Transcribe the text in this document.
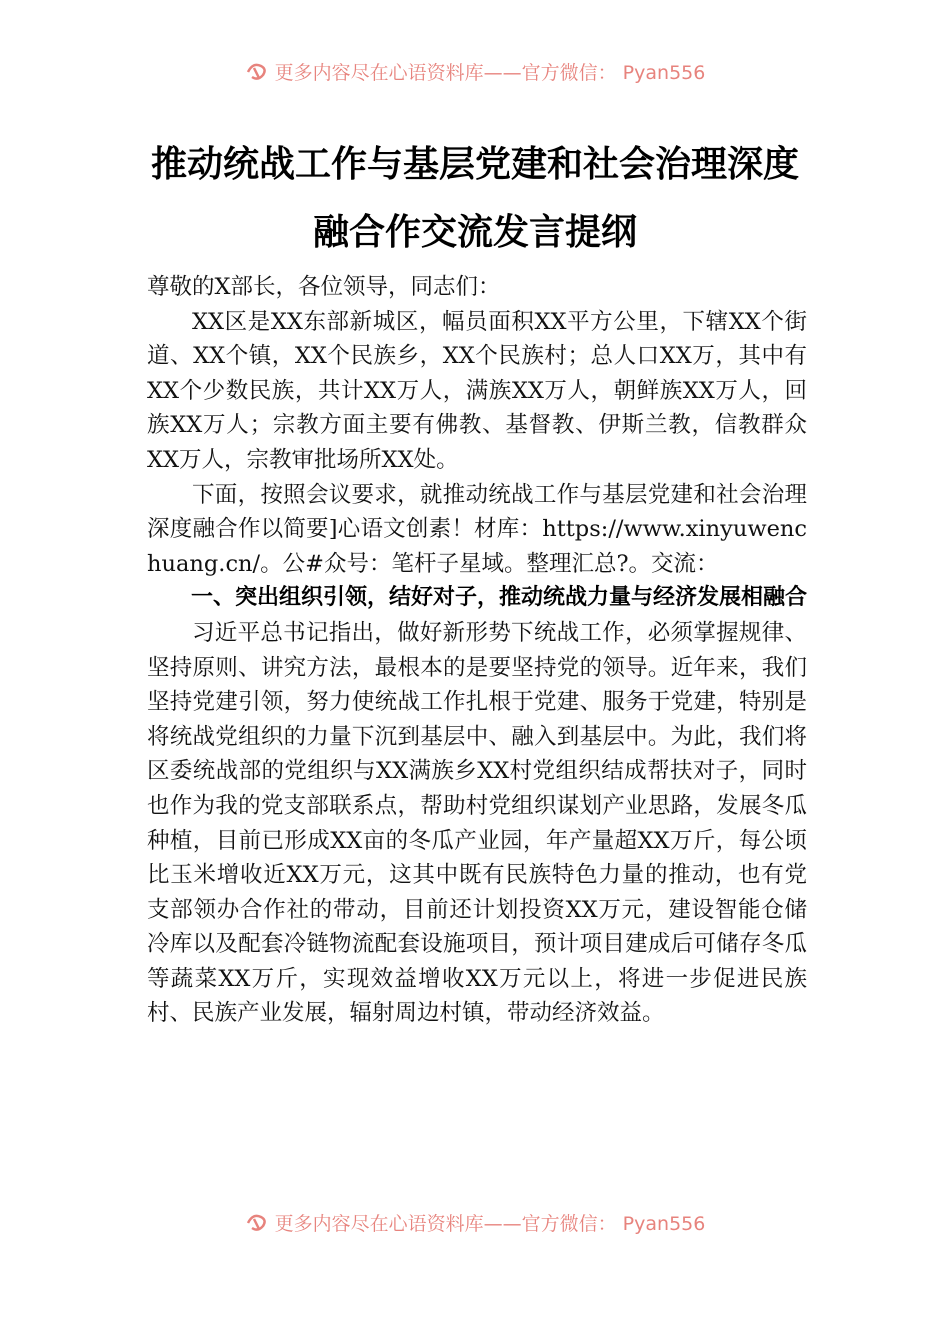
更多内容尽在心语资料库——官方微信： Pyan556
推动统战工作与基层党建和社会治理深度
融合作交流发言提纲

尊敬的X部长，各位领导，同志们：

XX区是XX东部新城区，幅员面积XX平方公里，下辖XX个街道、XX个镇，XX个民族乡，XX个民族村；总人口XX万，其中有XX个少数民族，共计XX万人，满族XX万人，朝鲜族XX万人，回族XX万人；宗教方面主要有佛教、基督教、伊斯兰教，信教群众XX万人，宗教审批场所XX处。

下面，按照会议要求，就推动统战工作与基层党建和社会治理深度融合作以简要]心语文创素！材库：https://www.xinyuwenchuang.cn/。公#众号：笔杆子星域。整理汇总?。交流：

一、突出组织引领，结好对子，推动统战力量与经济发展相融合

习近平总书记指出，做好新形势下统战工作，必须掌握规律、坚持原则、讲究方法，最根本的是要坚持党的领导。近年来，我们坚持党建引领，努力使统战工作扎根于党建、服务于党建，特别是将统战党组织的力量下沉到基层中、融入到基层中。为此，我们将区委统战部的党组织与XX满族乡XX村党组织结成帮扶对子，同时也作为我的党支部联系点，帮助村党组织谋划产业思路，发展冬瓜种植，目前已形成XX亩的冬瓜产业园，年产量超XX万斤，每公顷比玉米增收近XX万元，这其中既有民族特色力量的推动，也有党支部领办合作社的带动，目前还计划投资XX万元，建设智能仓储冷库以及配套冷链物流配套设施项目，预计项目建成后可储存冬瓜等蔬菜XX万斤，实现效益增收XX万元以上，将进一步促进民族村、民族产业发展，辐射周边村镇，带动经济效益。

更多内容尽在心语资料库——官方微信： Pyan556
